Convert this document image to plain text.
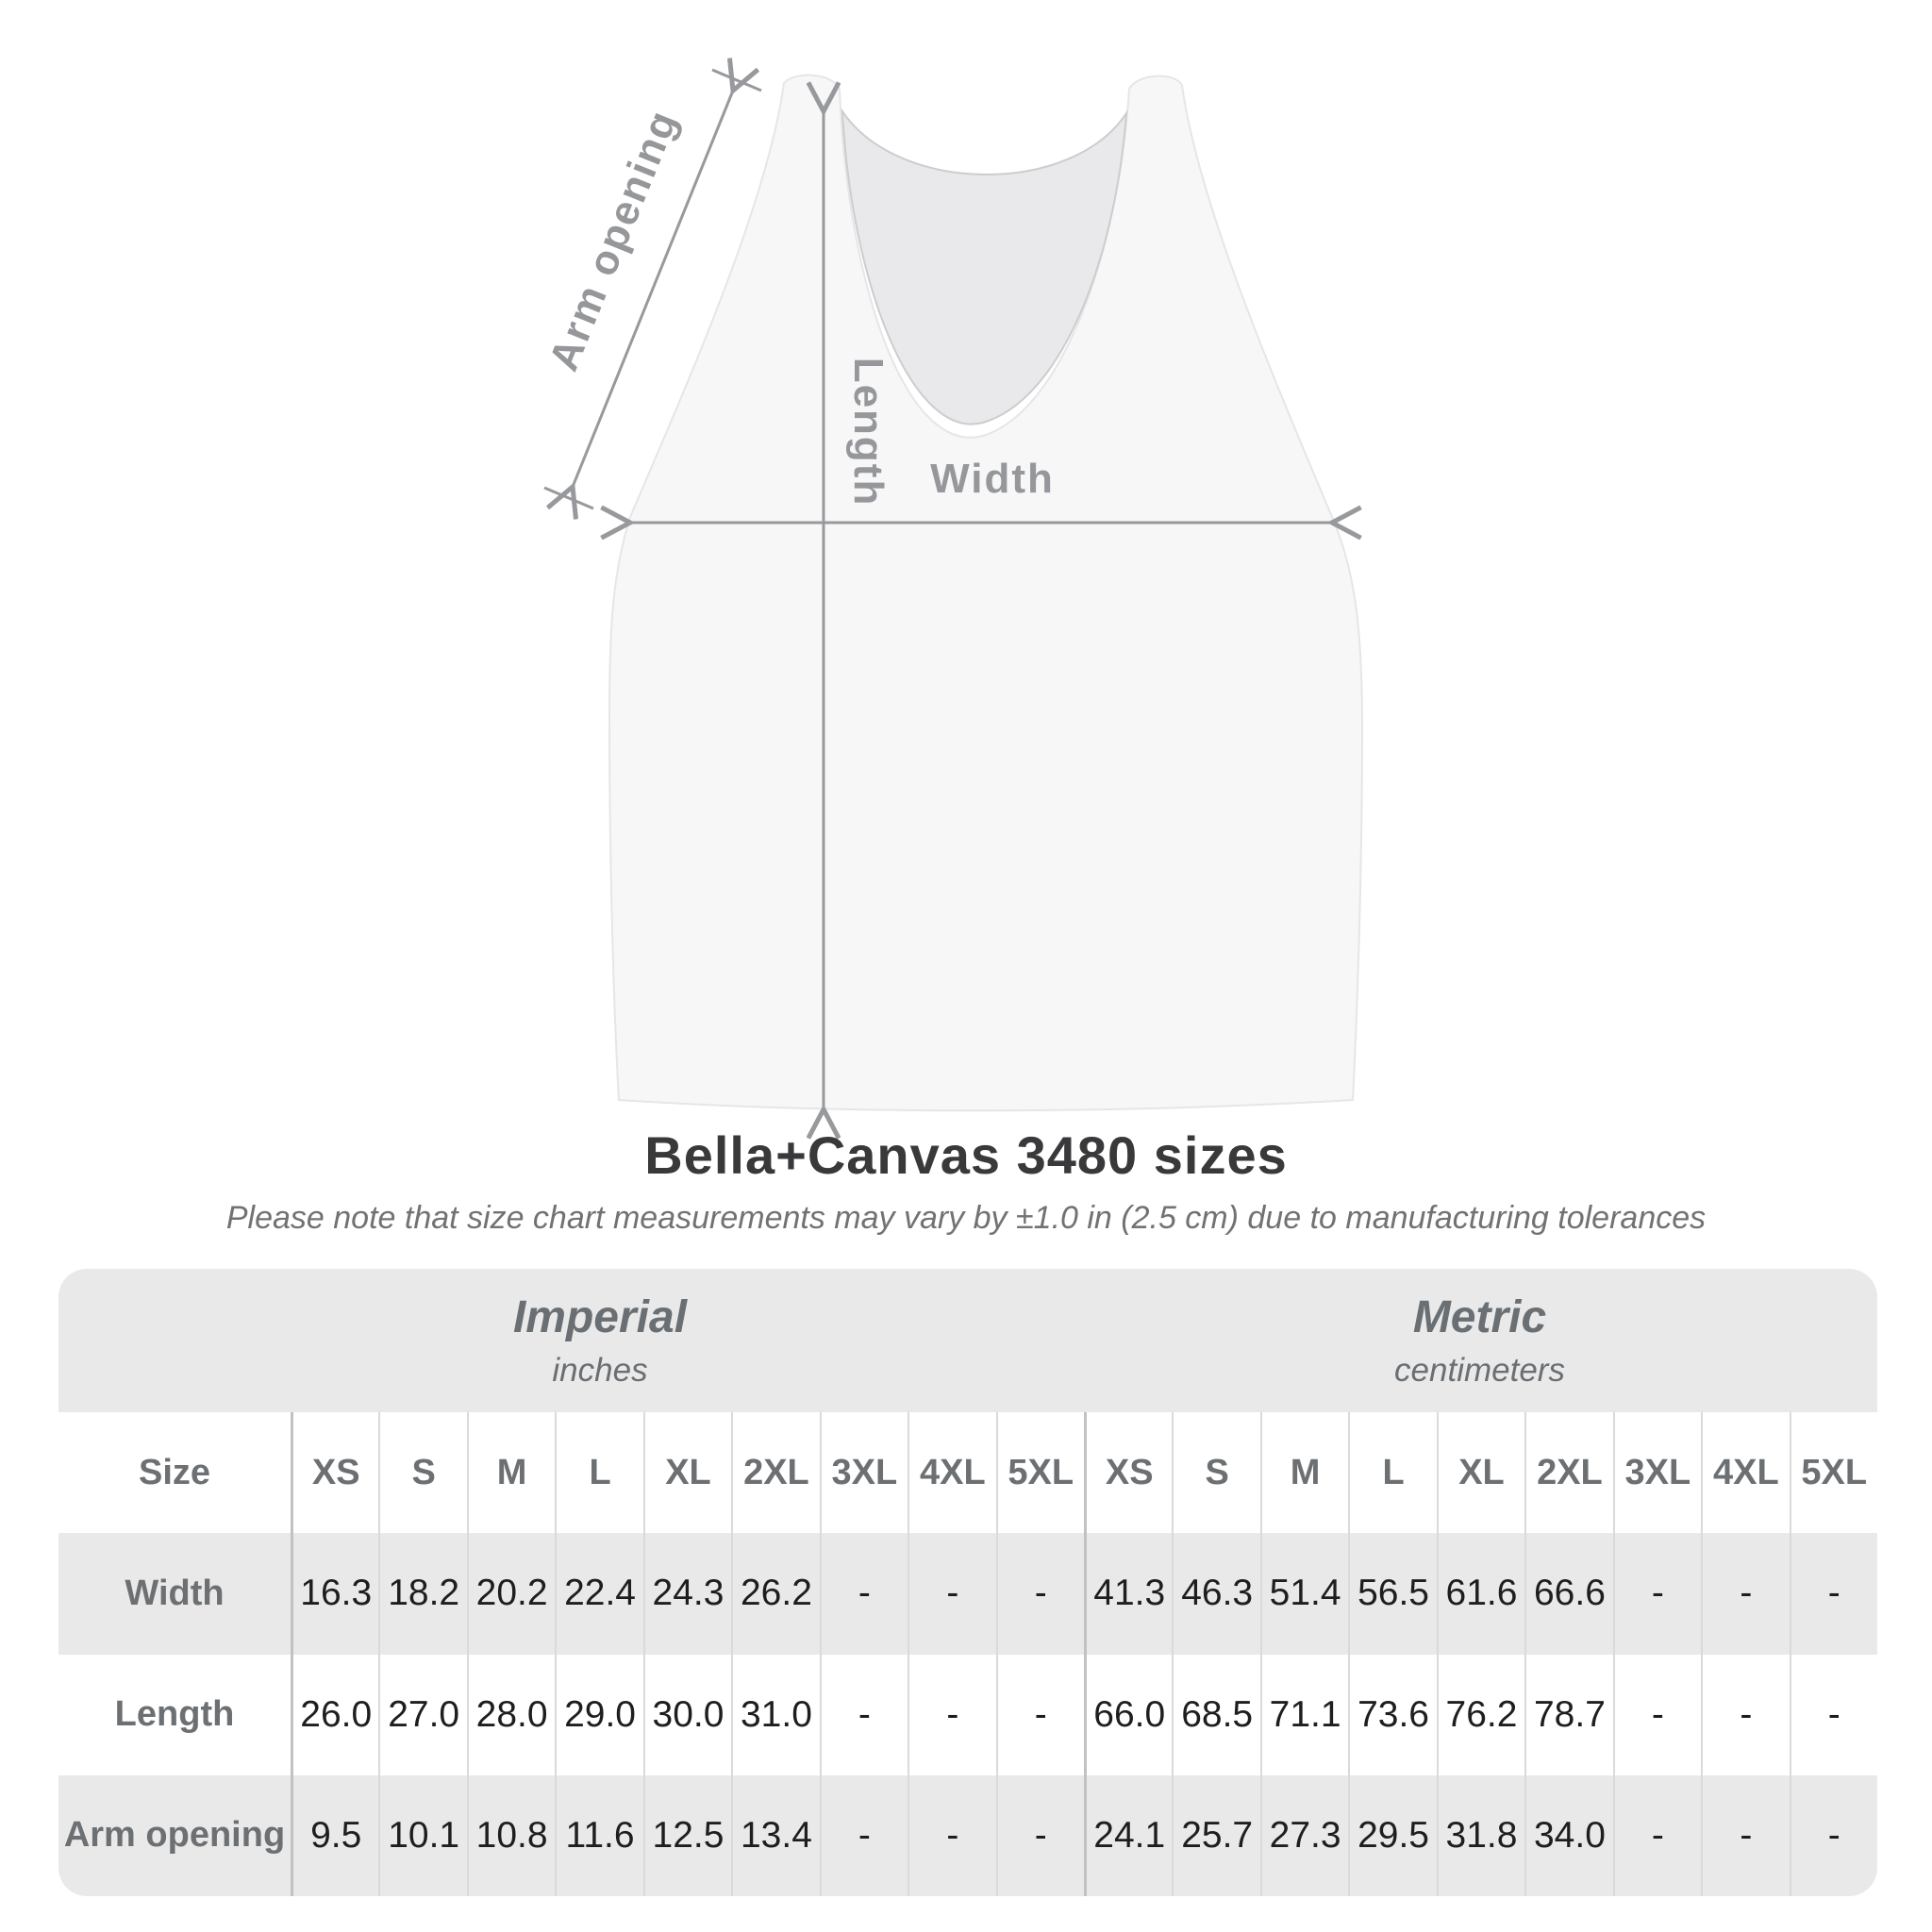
Width
Length
Arm opening
Bella+Canvas 3480 sizes

Please note that size chart measurements may vary by ±1.0 in (2.5 cm) due to manufacturing tolerances

Imperial
inches
Metric
centimeters
Size	XS	S	M	L	XL 2XL 3XL 4XL 5XL XS	S	M	L	XL 2XL 3XL 4XL 5XL
Width	16.3 18.2 20.2 22.4 24.3 26.2	-	-	-	41.3 46.3 51.4 56.5 61.6 66.6	-	-	-
Length	26.0 27.0 28.0 29.0 30.0 31.0	-	-	-	66.0 68.5 71.1 73.6 76.2 78.7	-	-	-
Arm opening 9.5 10.1 10.8 11.6 12.5 13.4	-	-	-	24.1 25.7 27.3 29.5 31.8 34.0	-	-	-
